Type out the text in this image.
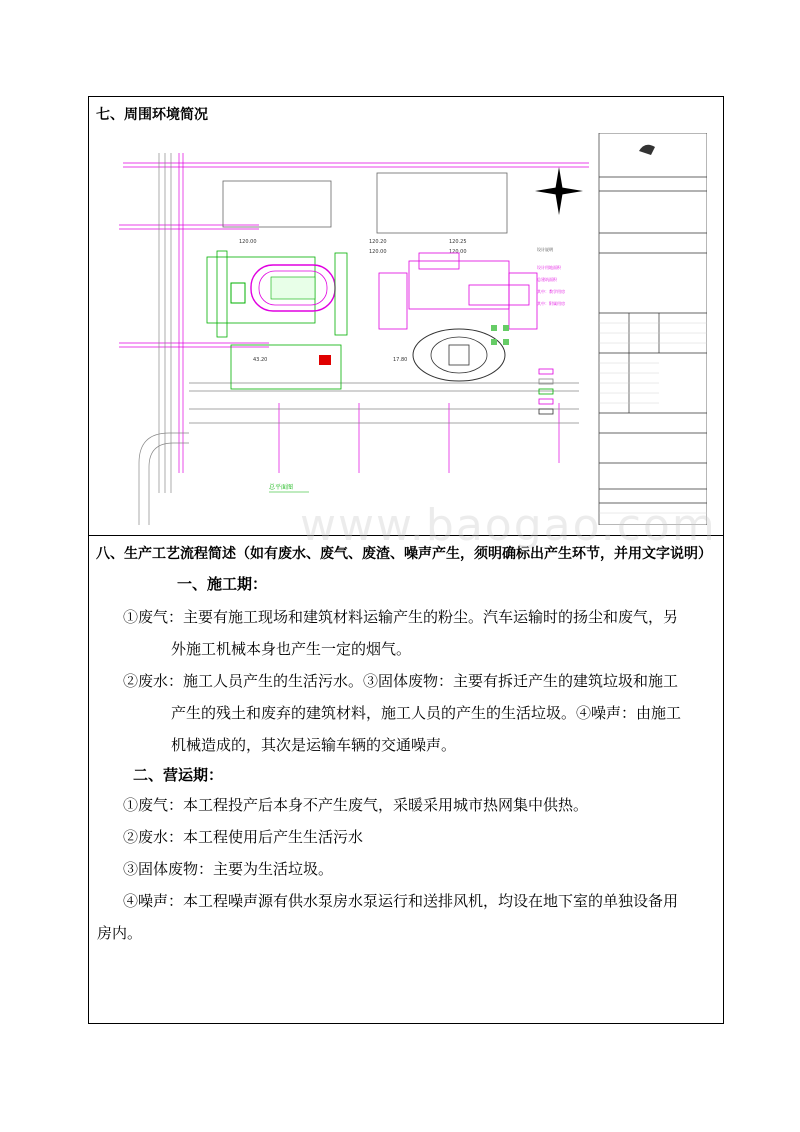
七、周围环境简况
120.00	120.20	120.25
120.00	120.00
43.20	17.80
设计用地面积
总建筑面积
其中：教学用房
其中：附属用房
设计说明
总平面图
八、生产工艺流程简述（如有废水、废气、废渣、噪声产生，须明确标出产生环节，并用文字说明）
一、施工期：
①废气：主要有施工现场和建筑材料运输产生的粉尘。汽车运输时的扬尘和废气，另
外施工机械本身也产生一定的烟气。
②废水：施工人员产生的生活污水。③固体废物：主要有拆迁产生的建筑垃圾和施工
产生的残土和废弃的建筑材料，施工人员的产生的生活垃圾。④噪声：由施工
机械造成的，其次是运输车辆的交通噪声。
二、营运期：
①废气：本工程投产后本身不产生废气，采暖采用城市热网集中供热。
②废水：本工程使用后产生生活污水
③固体废物：主要为生活垃圾。
④噪声：本工程噪声源有供水泵房水泵运行和送排风机，均设在地下室的单独设备用
房内。
www.baogao.com
